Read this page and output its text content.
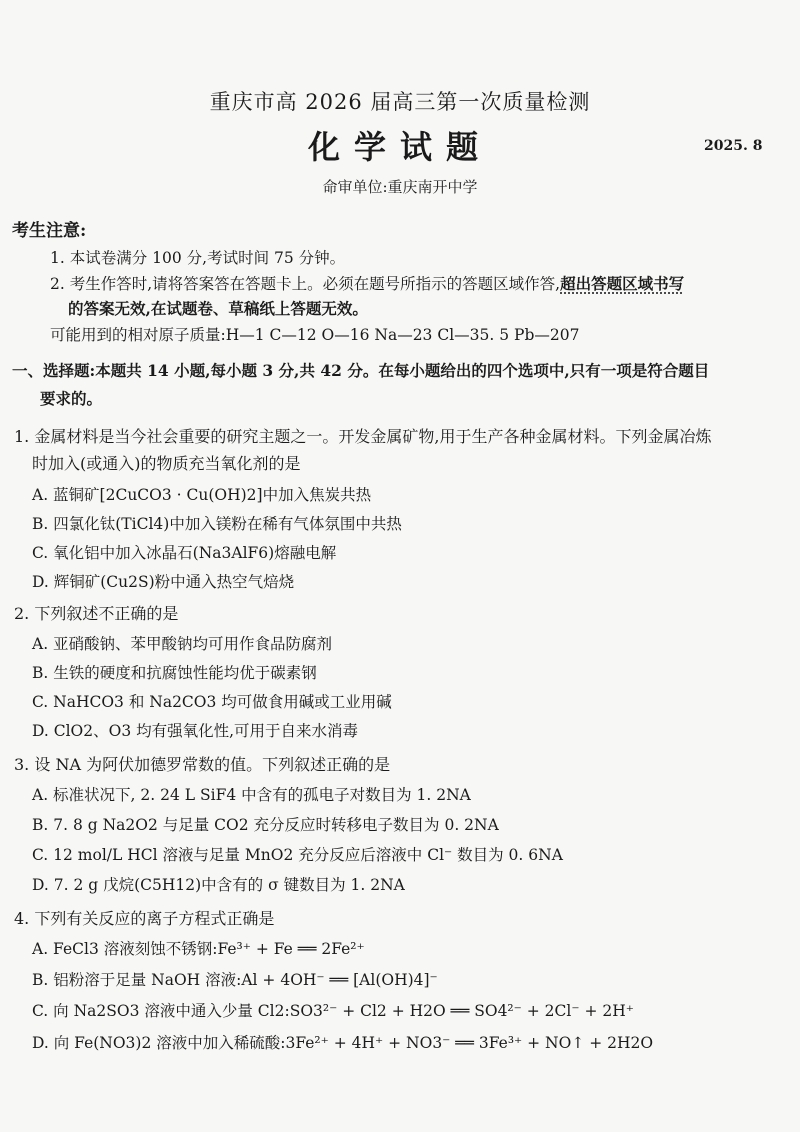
重庆市高 2026 届高三第一次质量检测
化学试题	2025. 8
命审单位:重庆南开中学
考生注意:
1. 本试卷满分 100 分,考试时间 75 分钟。
2. 考生作答时,请将答案答在答题卡上。必须在题号所指示的答题区域作答,超出答题区域书写
的答案无效,在试题卷、草稿纸上答题无效。
可能用到的相对原子质量:H—1 C—12 O—16 Na—23 Cl—35. 5 Pb—207
一、选择题:本题共 14 小题,每小题 3 分,共 42 分。在每小题给出的四个选项中,只有一项是符合题目
要求的。
1. 金属材料是当今社会重要的研究主题之一。开发金属矿物,用于生产各种金属材料。下列金属冶炼
时加入(或通入)的物质充当氧化剂的是
A. 蓝铜矿[2CuCO3 · Cu(OH)2]中加入焦炭共热
B. 四氯化钛(TiCl4)中加入镁粉在稀有气体氛围中共热
C. 氧化铝中加入冰晶石(Na3AlF6)熔融电解
D. 辉铜矿(Cu2S)粉中通入热空气焙烧
2. 下列叙述不正确的是
A. 亚硝酸钠、苯甲酸钠均可用作食品防腐剂
B. 生铁的硬度和抗腐蚀性能均优于碳素钢
C. NaHCO3 和 Na2CO3 均可做食用碱或工业用碱
D. ClO2、O3 均有强氧化性,可用于自来水消毒
3. 设 NA 为阿伏加德罗常数的值。下列叙述正确的是
A. 标准状况下, 2. 24 L SiF4 中含有的孤电子对数目为 1. 2NA
B. 7. 8 g Na2O2 与足量 CO2 充分反应时转移电子数目为 0. 2NA
C. 12 mol/L HCl 溶液与足量 MnO2 充分反应后溶液中 Cl⁻ 数目为 0. 6NA
D. 7. 2 g 戊烷(C5H12)中含有的 σ 键数目为 1. 2NA
4. 下列有关反应的离子方程式正确是
A. FeCl3 溶液刻蚀不锈钢:Fe³⁺ + Fe ══ 2Fe²⁺
B. 铝粉溶于足量 NaOH 溶液:Al + 4OH⁻ ══ [Al(OH)4]⁻
C. 向 Na2SO3 溶液中通入少量 Cl2:SO3²⁻ + Cl2 + H2O ══ SO4²⁻ + 2Cl⁻ + 2H⁺
D. 向 Fe(NO3)2 溶液中加入稀硫酸:3Fe²⁺ + 4H⁺ + NO3⁻ ══ 3Fe³⁺ + NO↑ + 2H2O
